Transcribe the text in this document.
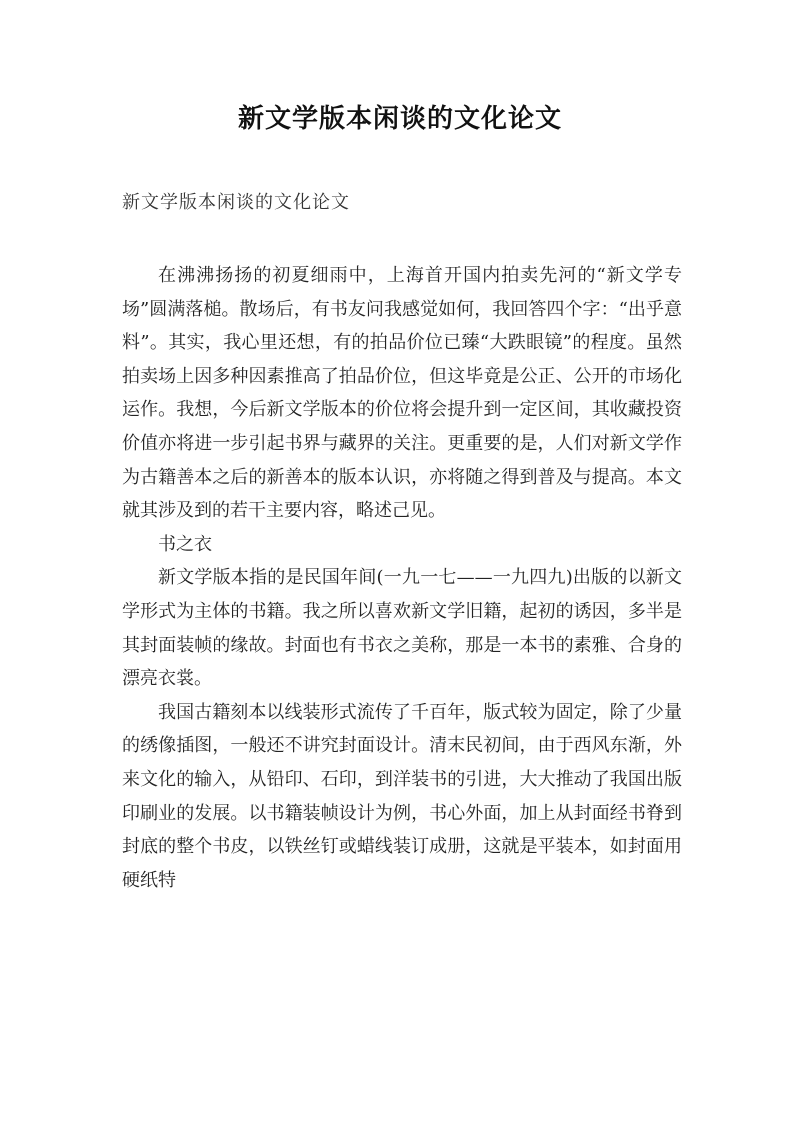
新文学版本闲谈的文化论文
新文学版本闲谈的文化论文

在沸沸扬扬的初夏细雨中，上海首开国内拍卖先河的“新文学专场”圆满落槌。散场后，有书友问我感觉如何，我回答四个字：“出乎意料”。其实，我心里还想，有的拍品价位已臻“大跌眼镜”的程度。虽然拍卖场上因多种因素推高了拍品价位，但这毕竟是公正、公开的市场化运作。我想，今后新文学版本的价位将会提升到一定区间，其收藏投资价值亦将进一步引起书界与藏界的关注。更重要的是，人们对新文学作为古籍善本之后的新善本的版本认识，亦将随之得到普及与提高。本文就其涉及到的若干主要内容，略述己见。

书之衣

新文学版本指的是民国年间(一九一七——一九四九)出版的以新文学形式为主体的书籍。我之所以喜欢新文学旧籍，起初的诱因，多半是其封面装帧的缘故。封面也有书衣之美称，那是一本书的素雅、合身的漂亮衣裳。

我国古籍刻本以线装形式流传了千百年，版式较为固定，除了少量的绣像插图，一般还不讲究封面设计。清末民初间，由于西风东渐，外来文化的输入，从铅印、石印，到洋装书的引进，大大推动了我国出版印刷业的发展。以书籍装帧设计为例，书心外面，加上从封面经书脊到封底的整个书皮，以铁丝钉或蜡线装订成册，这就是平装本，如封面用硬纸特
